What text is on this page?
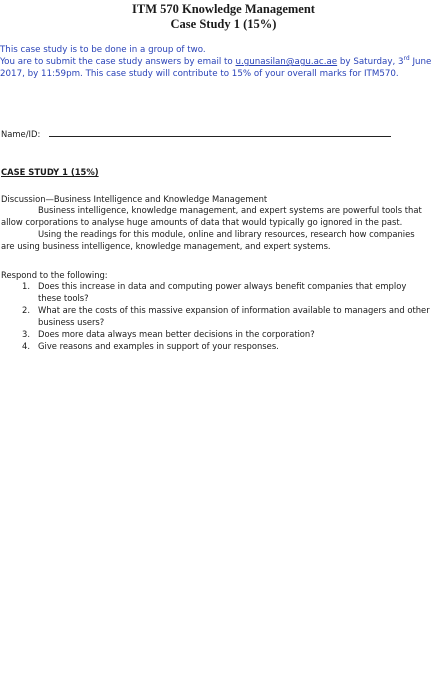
ITM 570 Knowledge Management
Case Study 1 (15%)
This case study is to be done in a group of two.
You are to submit the case study answers by email to u.gunasilan@agu.ac.ae by Saturday, 3rd June
2017, by 11:59pm. This case study will contribute to 15% of your overall marks for ITM570.
Name/ID:
CASE STUDY 1 (15%)
Discussion—Business Intelligence and Knowledge Management
Business intelligence, knowledge management, and expert systems are powerful tools that
allow corporations to analyse huge amounts of data that would typically go ignored in the past.
Using the readings for this module, online and library resources, research how companies
are using business intelligence, knowledge management, and expert systems.
Respond to the following:
1. Does this increase in data and computing power always benefit companies that employ
these tools?
2. What are the costs of this massive expansion of information available to managers and other
business users?
3. Does more data always mean better decisions in the corporation?
4. Give reasons and examples in support of your responses.
